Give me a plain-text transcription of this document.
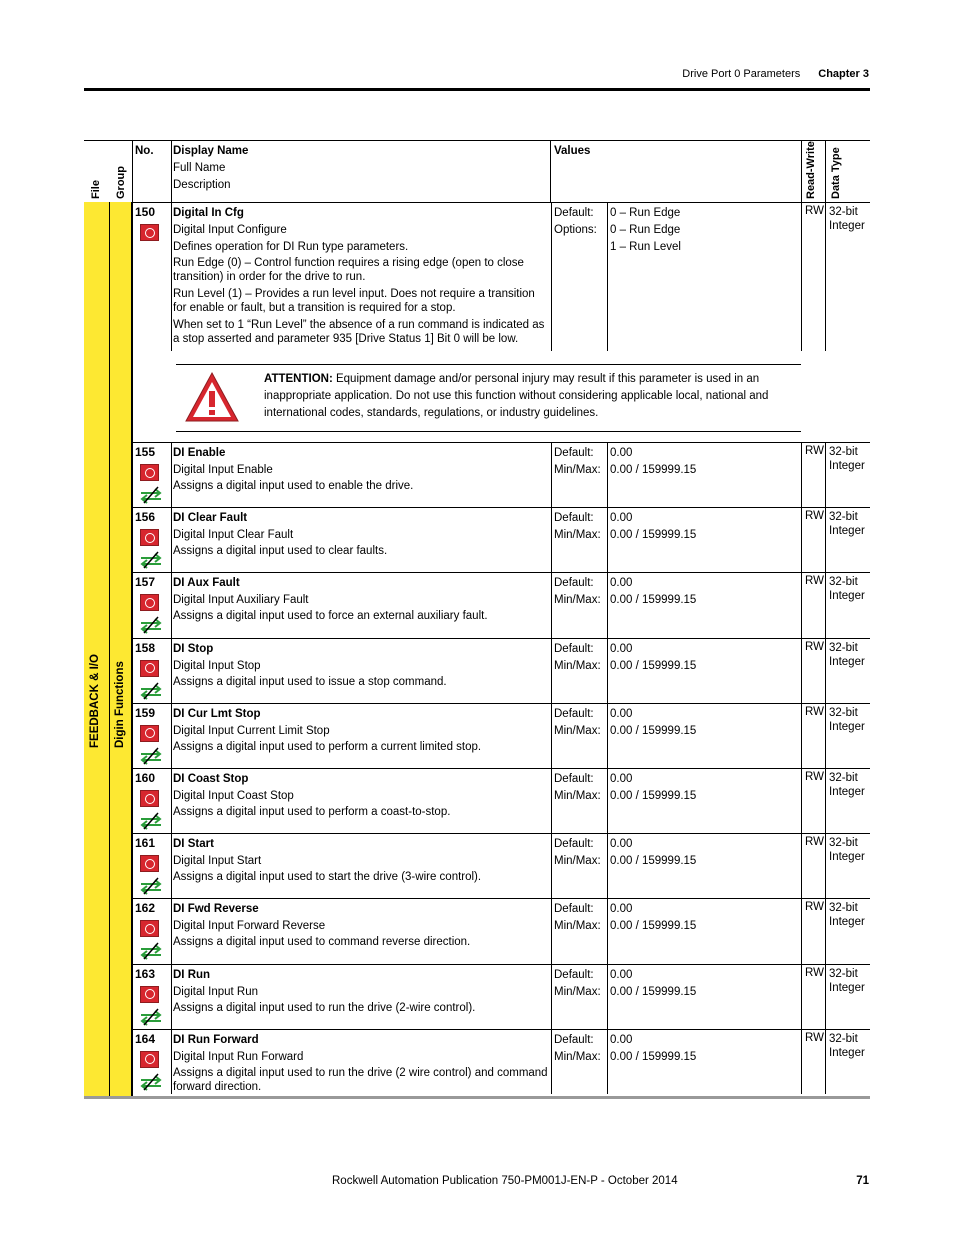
Drive Port 0 Parameters Chapter 3
File Group
No. Display Name
Full Name
Description
Values	Read-Write Data Type
FEEDBACK & I/O Digin Functions
150 Digital In Cfg
Digital Input Configure
Defines operation for DI Run type parameters.
Run Edge (0) – Control function requires a rising edge (open to close transition) in order for the drive to run.
Run Level (1) – Provides a run level input. Does not require a transition for enable or fault, but a transition is required for a stop.
When set to 1 “Run Level” the absence of a run command is indicated as a stop asserted and parameter 935 [Drive Status 1] Bit 0 will be low.
Default:
Options:
0 – Run Edge
0 – Run Edge
1 – Run Level
RW 32-bit Integer
ATTENTION: Equipment damage and/or personal injury may result if this parameter is used in an inappropriate application. Do not use this function without considering applicable local, national and international codes, standards, regulations, or industry guidelines.
155 DI Enable
Digital Input Enable
Assigns a digital input used to enable the drive.
Default:
Min/Max:
0.00
0.00 / 159999.15
RW 32-bit Integer
156 DI Clear Fault
Digital Input Clear Fault
Assigns a digital input used to clear faults.
Default:
Min/Max:
0.00
0.00 / 159999.15
RW 32-bit Integer
157 DI Aux Fault
Digital Input Auxiliary Fault
Assigns a digital input used to force an external auxiliary fault.
Default:
Min/Max:
0.00
0.00 / 159999.15
RW 32-bit Integer
158 DI Stop
Digital Input Stop
Assigns a digital input used to issue a stop command.
Default:
Min/Max:
0.00
0.00 / 159999.15
RW 32-bit Integer
159 DI Cur Lmt Stop
Digital Input Current Limit Stop
Assigns a digital input used to perform a current limited stop.
Default:
Min/Max:
0.00
0.00 / 159999.15
RW 32-bit Integer
160 DI Coast Stop
Digital Input Coast Stop
Assigns a digital input used to perform a coast-to-stop.
Default:
Min/Max:
0.00
0.00 / 159999.15
RW 32-bit Integer
161 DI Start
Digital Input Start
Assigns a digital input used to start the drive (3-wire control).
Default:
Min/Max:
0.00
0.00 / 159999.15
RW 32-bit Integer
162 DI Fwd Reverse
Digital Input Forward Reverse
Assigns a digital input used to command reverse direction.
Default:
Min/Max:
0.00
0.00 / 159999.15
RW 32-bit Integer
163 DI Run
Digital Input Run
Assigns a digital input used to run the drive (2-wire control).
Default:
Min/Max:
0.00
0.00 / 159999.15
RW 32-bit Integer
164 DI Run Forward
Digital Input Run Forward
Assigns a digital input used to run the drive (2 wire control) and command forward direction.
Default:
Min/Max:
0.00
0.00 / 159999.15
RW 32-bit Integer
Rockwell Automation Publication 750-PM001J-EN-P - October 2014	71
